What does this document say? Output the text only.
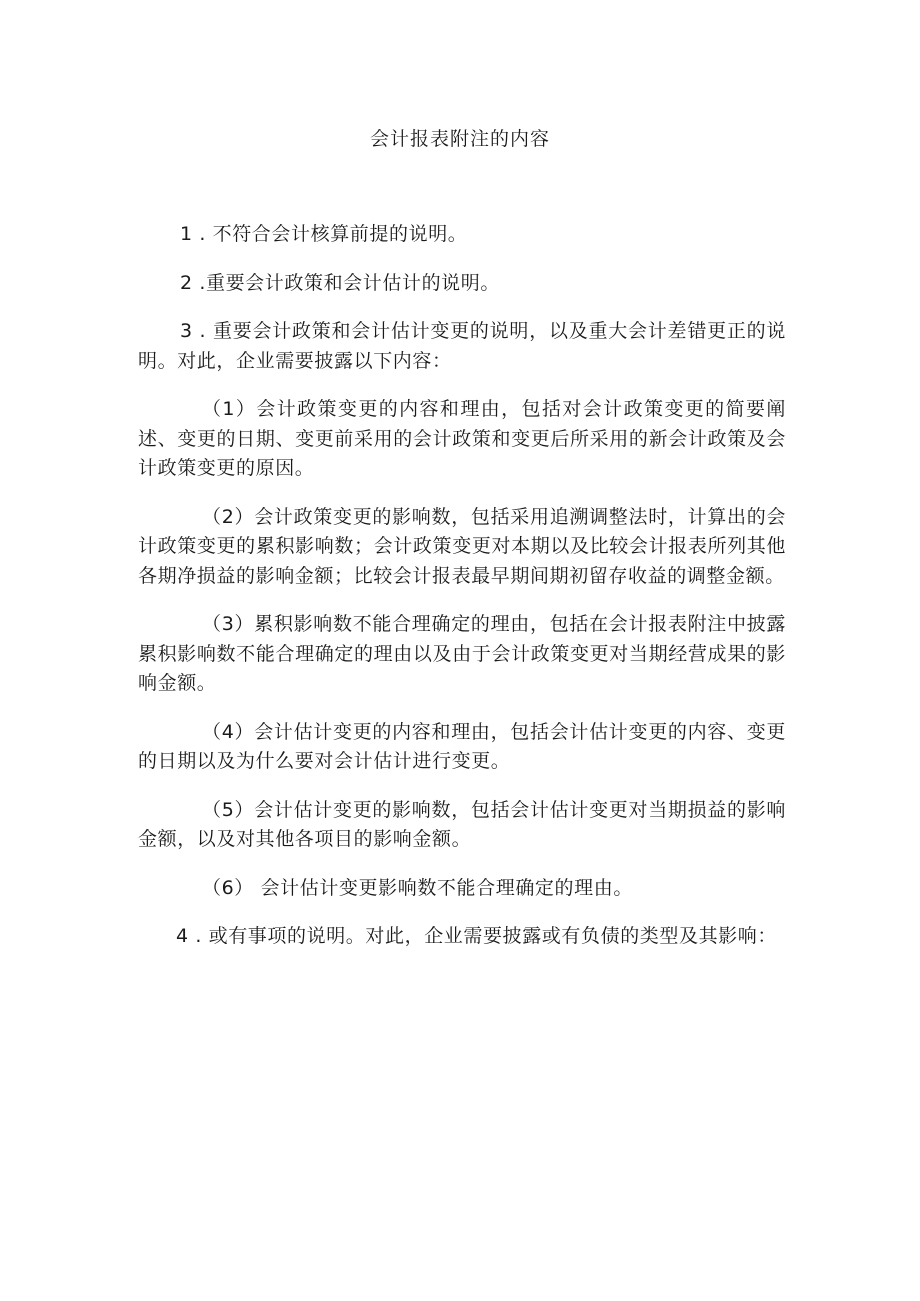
会计报表附注的内容

1 . 不符合会计核算前提的说明。

2 .重要会计政策和会计估计的说明。

3 . 重要会计政策和会计估计变更的说明，以及重大会计差错更正的说明。对此，企业需要披露以下内容：

（1）会计政策变更的内容和理由，包括对会计政策变更的简要阐述、变更的日期、变更前采用的会计政策和变更后所采用的新会计政策及会计政策变更的原因。

（2）会计政策变更的影响数，包括采用追溯调整法时，计算出的会计政策变更的累积影响数；会计政策变更对本期以及比较会计报表所列其他各期净损益的影响金额；比较会计报表最早期间期初留存收益的调整金额。

（3）累积影响数不能合理确定的理由，包括在会计报表附注中披露累积影响数不能合理确定的理由以及由于会计政策变更对当期经营成果的影响金额。

（4）会计估计变更的内容和理由，包括会计估计变更的内容、变更的日期以及为什么要对会计估计进行变更。

（5）会计估计变更的影响数，包括会计估计变更对当期损益的影响金额，以及对其他各项目的影响金额。

（6） 会计估计变更影响数不能合理确定的理由。

4 . 或有事项的说明。对此，企业需要披露或有负债的类型及其影响：
